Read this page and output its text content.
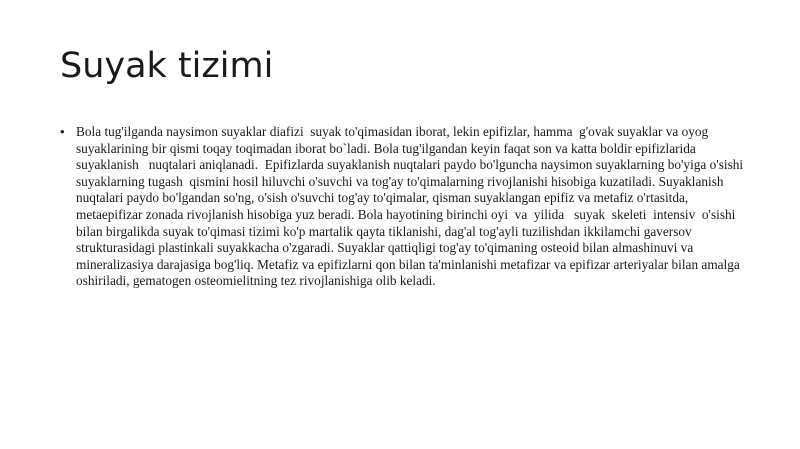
Suyak tizimi
• Bola tug'ilganda naysimon suyaklar diafizi  suyak to'qimasidan iborat, lekin epifizlar, hamma  g'ovak suyaklar va oyog suyaklarining bir qismi toqay toqimadan iborat bo`ladi. Bola tug'ilgandan keyin faqat son va katta boldir epifizlarida    suyaklanish   nuqtalari aniqlanadi.  Epifizlarda suyaklanish nuqtalari paydo bo'lguncha naysimon suyaklarning bo'yiga o'sishi suyaklarning tugash  qismini hosil hiluvchi o'suvchi va tog'ay to'qimalarning rivojlanishi hisobiga kuzatiladi. Suyaklanish nuqtalari paydo bo'lgandan so'ng, o'sish o'suvchi tog'ay to'qimalar, qisman suyaklangan epifiz va metafiz o'rtasitda, metaepifizar zonada rivojlanish hisobiga yuz beradi. Bola hayotining birinchi oyi  va  yilida   suyak  skeleti  intensiv  o'sishi   bilan birgalikda suyak to'qimasi tizimi ko'p martalik qayta tiklanishi, dag'al tog'ayli tuzilishdan ikkilamchi gaversov strukturasidagi plastinkali suyakkacha o'zgaradi. Suyaklar qattiqligi tog'ay to'qimaning osteoid bilan almashinuvi va mineralizasiya darajasiga bog'liq. Metafiz va epifizlarni qon bilan ta'minlanishi metafizar va epifizar arteriyalar bilan amalga oshiriladi, gematogen osteomielitning tez rivojlanishiga olib keladi.
